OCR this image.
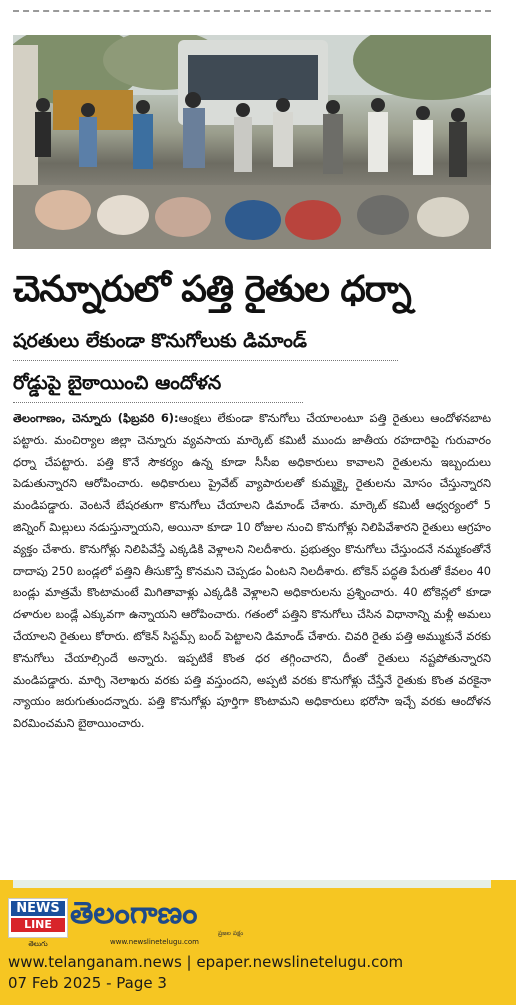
చెన్నూరులో పత్తి రైతుల ధర్నా
షరతులు లేకుండా కొనుగోలుకు డిమాండ్
రోడ్డుపై బైఠాయించి ఆందోళన
తెలంగాణం, చెన్నూరు (ఫిబ్రవరి 6):ఆంక్షలు లేకుండా కొనుగోలు చేయాలంటూ పత్తి రైతులు ఆందోళనబాట పట్టారు. మంచిర్యాల జిల్లా చెన్నూరు వ్యవసాయ మార్కెట్ కమిటీ ముందు జాతీయ రహదారిపై గురువారం ధర్నా చేపట్టారు. పత్తి కొనే సౌకర్యం ఉన్న కూడా సీసీఐ అధికారులు కావాలని రైతులను ఇబ్బందులు పెడుతున్నారని ఆరోపించారు. అధికారులు ప్రైవేట్ వ్యాపారులతో కుమ్మక్కై రైతులను మోసం చేస్తున్నారని మండిపడ్డారు. వెంటనే బేషరతుగా కొనుగోలు చేయాలని డిమాండ్ చేశారు. మార్కెట్ కమిటీ ఆధ్వర్యంలో 5 జిన్నింగ్ మిల్లులు నడుస్తున్నాయని, అయినా కూడా 10 రోజుల నుంచి కొనుగోళ్లు నిలిపివేశారని రైతులు ఆగ్రహం వ్యక్తం చేశారు. కొనుగోళ్లు నిలిపివేస్తే ఎక్కడికి వెళ్లాలని నిలదీశారు. ప్రభుత్వం కొనుగోలు చేస్తుందనే నమ్మకంతోనే దాదాపు 250 బండ్లలో పత్తిని తీసుకొస్తే కొనమని చెప్పడం ఏంటని నిలదీశారు. టోకెన్ పద్ధతి పేరుతో కేవలం 40 బండ్లు మాత్రమే కొంటామంటే మిగితావాళ్లు ఎక్కడికి వెళ్లాలని అధికారులను ప్రశ్నించారు. 40 టోకెన్లలో కూడా దళారుల బండ్లే ఎక్కువగా ఉన్నాయని ఆరోపించారు. గతంలో పత్తిని కొనుగోలు చేసిన విధానాన్ని మళ్లీ అమలు చేయాలని రైతులు కోరారు. టోకెన్ సిస్టమ్స్ బంద్ పెట్టాలని డిమాండ్ చేశారు. చివరి రైతు పత్తి అమ్ముకునే వరకు కొనుగోలు చేయాల్సిందే అన్నారు. ఇప్పటికే కొంత ధర తగ్గించారని, దీంతో రైతులు నష్టపోతున్నారని మండిపడ్డారు. మార్చి నెలాఖరు వరకు పత్తి వస్తుందని, అప్పటి వరకు కొనుగోళ్లు చేస్తేనే రైతుకు కొంత వరకైనా న్యాయం జరుగుతుందన్నారు. పత్తి కొనుగోళ్లు పూర్తిగా కొంటామని అధికారులు భరోసా ఇచ్చే వరకు ఆందోళన విరమించమని బైఠాయించారు.
NEWS
LINE
తెలుగు
తెలంగాణం
ప్రజల పక్షం
www.newslinetelugu.com
www.telanganam.news | epaper.newslinetelugu.com
07 Feb 2025 - Page 3
